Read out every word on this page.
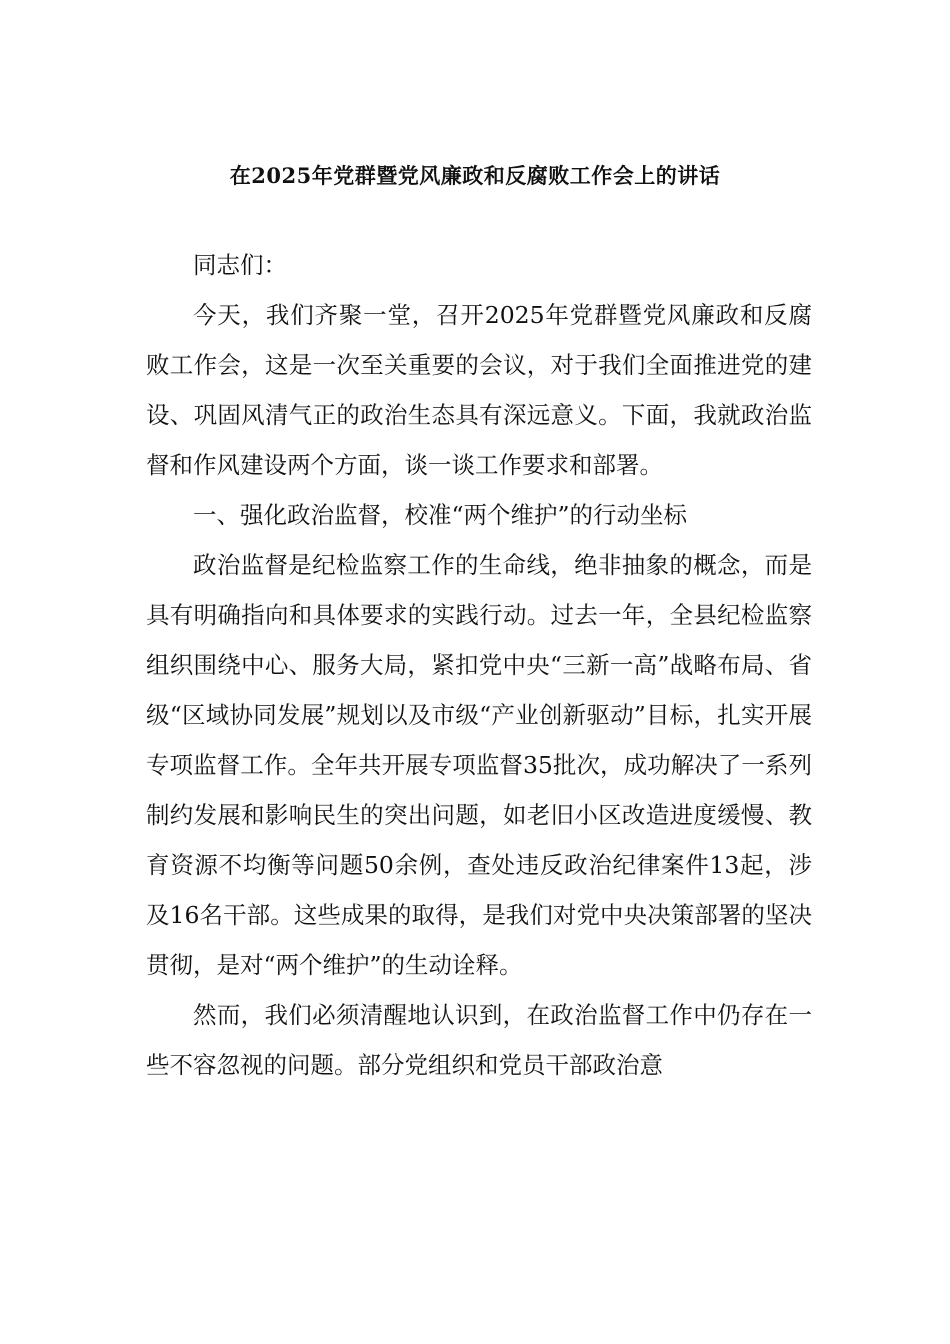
在2025年党群暨党风廉政和反腐败工作会上的讲话

同志们：

今天，我们齐聚一堂，召开2025年党群暨党风廉政和反腐败工作会，这是一次至关重要的会议，对于我们全面推进党的建设、巩固风清气正的政治生态具有深远意义。下面，我就政治监督和作风建设两个方面，谈一谈工作要求和部署。

一、强化政治监督，校准“两个维护”的行动坐标

政治监督是纪检监察工作的生命线，绝非抽象的概念，而是具有明确指向和具体要求的实践行动。过去一年，全县纪检监察组织围绕中心、服务大局，紧扣党中央“三新一高”战略布局、省级“区域协同发展”规划以及市级“产业创新驱动”目标，扎实开展专项监督工作。全年共开展专项监督35批次，成功解决了一系列制约发展和影响民生的突出问题，如老旧小区改造进度缓慢、教育资源不均衡等问题50余例，查处违反政治纪律案件13起，涉及16名干部。这些成果的取得，是我们对党中央决策部署的坚决贯彻，是对“两个维护”的生动诠释。

然而，我们必须清醒地认识到，在政治监督工作中仍存在一些不容忽视的问题。部分党组织和党员干部政治意
